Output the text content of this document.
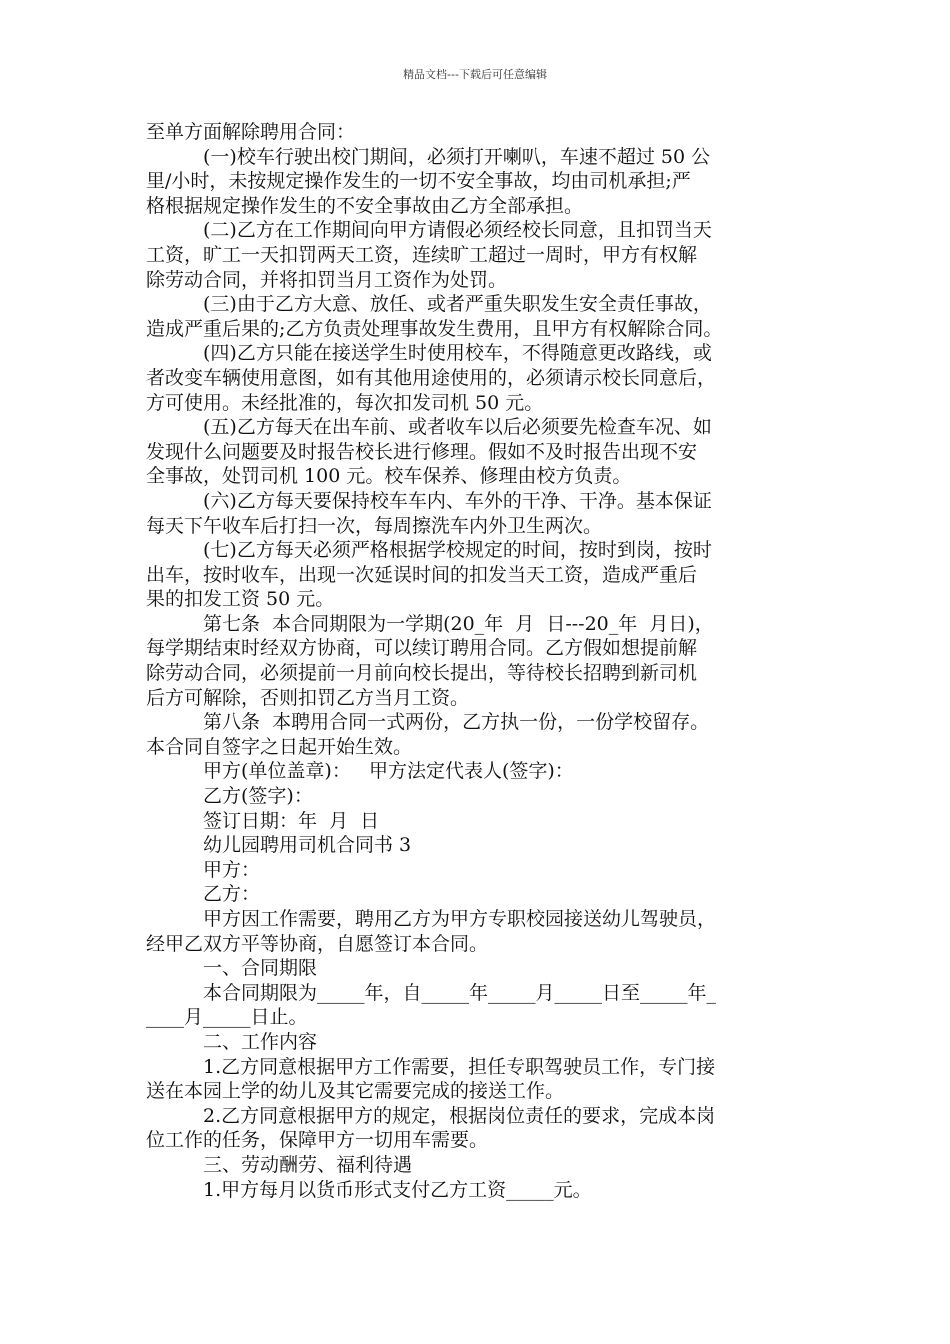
精品文档---下载后可任意编辑
至单方面解除聘用合同：
(一)校车行驶出校门期间，必须打开喇叭，车速不超过 50 公
里/小时，未按规定操作发生的一切不安全事故，均由司机承担;严
格根据规定操作发生的不安全事故由乙方全部承担。
(二)乙方在工作期间向甲方请假必须经校长同意，且扣罚当天
工资，旷工一天扣罚两天工资，连续旷工超过一周时，甲方有权解
除劳动合同，并将扣罚当月工资作为处罚。
(三)由于乙方大意、放任、或者严重失职发生安全责任事故，
造成严重后果的;乙方负责处理事故发生费用，且甲方有权解除合同。
(四)乙方只能在接送学生时使用校车，不得随意更改路线，或
者改变车辆使用意图，如有其他用途使用的，必须请示校长同意后，
方可使用。未经批准的，每次扣发司机 50 元。
(五)乙方每天在出车前、或者收车以后必须要先检查车况、如
发现什么问题要及时报告校长进行修理。假如不及时报告出现不安
全事故，处罚司机 100 元。校车保养、修理由校方负责。
(六)乙方每天要保持校车车内、车外的干净、干净。基本保证
每天下午收车后打扫一次，每周擦洗车内外卫生两次。
(七)乙方每天必须严格根据学校规定的时间，按时到岗，按时
出车，按时收车，出现一次延误时间的扣发当天工资，造成严重后
果的扣发工资 50 元。
第七条  本合同期限为一学期(20_年  月  日---20_年  月日)，
每学期结束时经双方协商，可以续订聘用合同。乙方假如想提前解
除劳动合同，必须提前一月前向校长提出，等待校长招聘到新司机
后方可解除，否则扣罚乙方当月工资。
第八条  本聘用合同一式两份，乙方执一份，一份学校留存。
本合同自签字之日起开始生效。
甲方(单位盖章)：   甲方法定代表人(签字)：
乙方(签字)：
签订日期：年  月  日
幼儿园聘用司机合同书 3
甲方：
乙方：
甲方因工作需要，聘用乙方为甲方专职校园接送幼儿驾驶员，
经甲乙双方平等协商，自愿签订本合同。
一、合同期限
本合同期限为_____年，自_____年_____月_____日至_____年_
____月_____日止。
二、工作内容
1.乙方同意根据甲方工作需要，担任专职驾驶员工作，专门接
送在本园上学的幼儿及其它需要完成的接送工作。
2.乙方同意根据甲方的规定，根据岗位责任的要求，完成本岗
位工作的任务，保障甲方一切用车需要。
三、劳动酬劳、福利待遇
1.甲方每月以货币形式支付乙方工资_____元。
